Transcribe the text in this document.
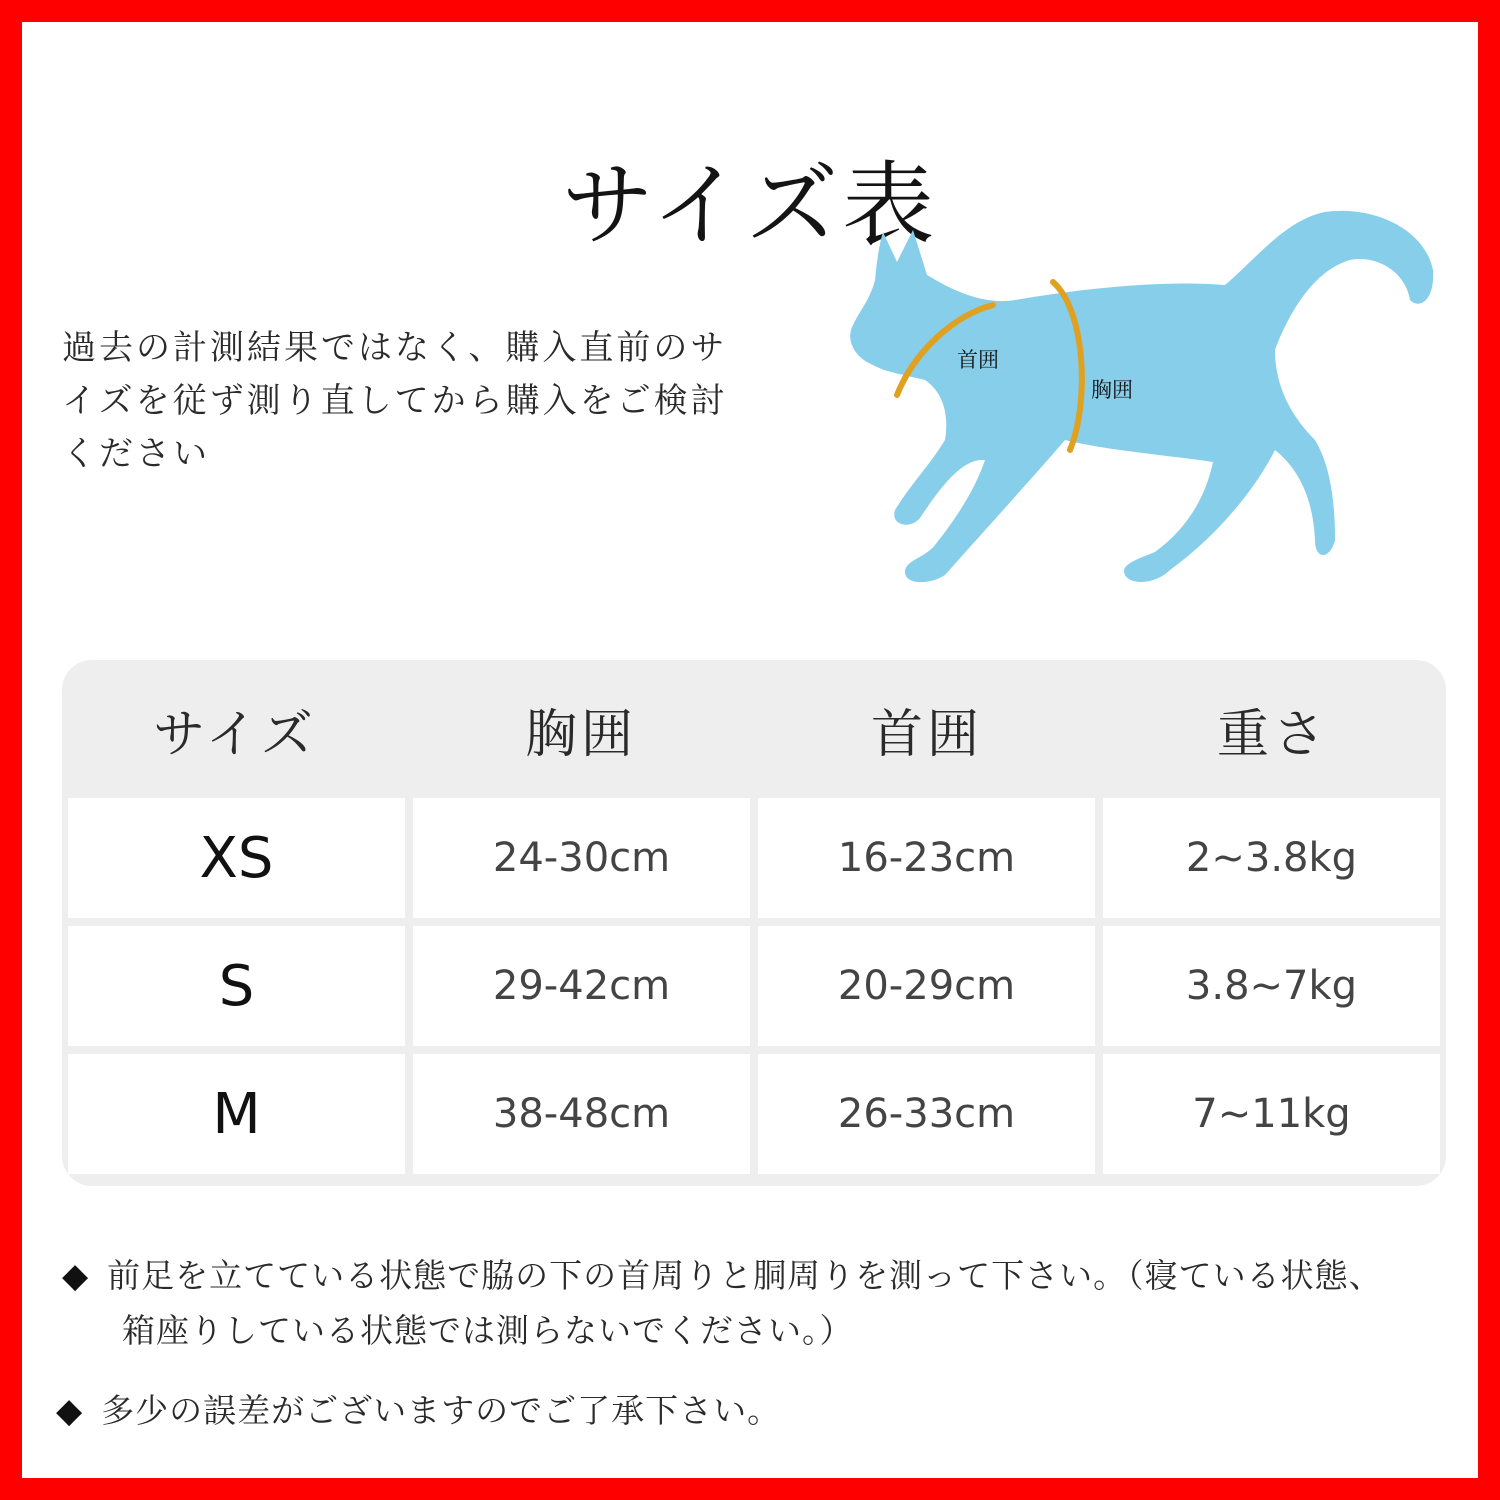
サイズ表
過去の計測結果ではなく、購入直前のサ
イズを従ず測り直してから購入をご検討
ください
首囲
胸囲
サイズ	胸囲	首囲	重さ
XS	24-30cm	16-23cm	2~3.8kg
S	29-42cm	20-29cm	3.8~7kg
M	38-48cm	26-33cm	7~11kg
◆ 前足を立てている状態で脇の下の首周りと胴周りを測って下さい。（寝ている状態、
箱座りしている状態では測らないでください。）
◆ 多少の誤差がございますのでご了承下さい。
